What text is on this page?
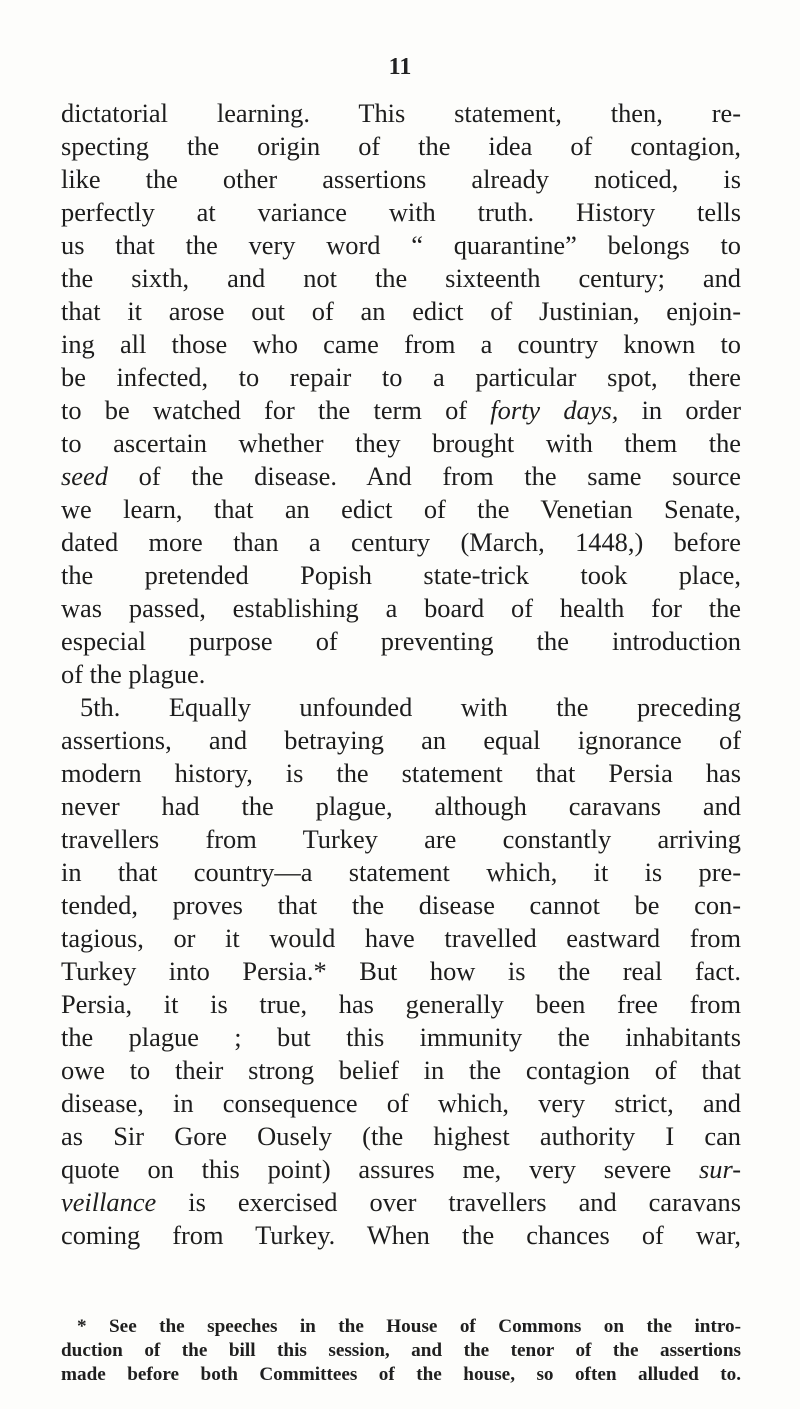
11
dictatorial learning. This statement, then, re-
specting the origin of the idea of contagion,
like the other assertions already noticed, is
perfectly at variance with truth. History tells
us that the very word “ quarantine” belongs to
the sixth, and not the sixteenth century; and
that it arose out of an edict of Justinian, enjoin-
ing all those who came from a country known to
be infected, to repair to a particular spot, there
to be watched for the term of forty days, in order
to ascertain whether they brought with them the
seed of the disease. And from the same source
we learn, that an edict of the Venetian Senate,
dated more than a century (March, 1448,) before
the pretended Popish state-trick took place,
was passed, establishing a board of health for the
especial purpose of preventing the introduction
of the plague.
5th. Equally unfounded with the preceding
assertions, and betraying an equal ignorance of
modern history, is the statement that Persia has
never had the plague, although caravans and
travellers from Turkey are constantly arriving
in that country—a statement which, it is pre-
tended, proves that the disease cannot be con-
tagious, or it would have travelled eastward from
Turkey into Persia.* But how is the real fact.
Persia, it is true, has generally been free from
the plague ; but this immunity the inhabitants
owe to their strong belief in the contagion of that
disease, in consequence of which, very strict, and
as Sir Gore Ousely (the highest authority I can
quote on this point) assures me, very severe sur-
veillance is exercised over travellers and caravans
coming from Turkey. When the chances of war,
* See the speeches in the House of Commons on the intro-
duction of the bill this session, and the tenor of the assertions
made before both Committees of the house, so often alluded to.
